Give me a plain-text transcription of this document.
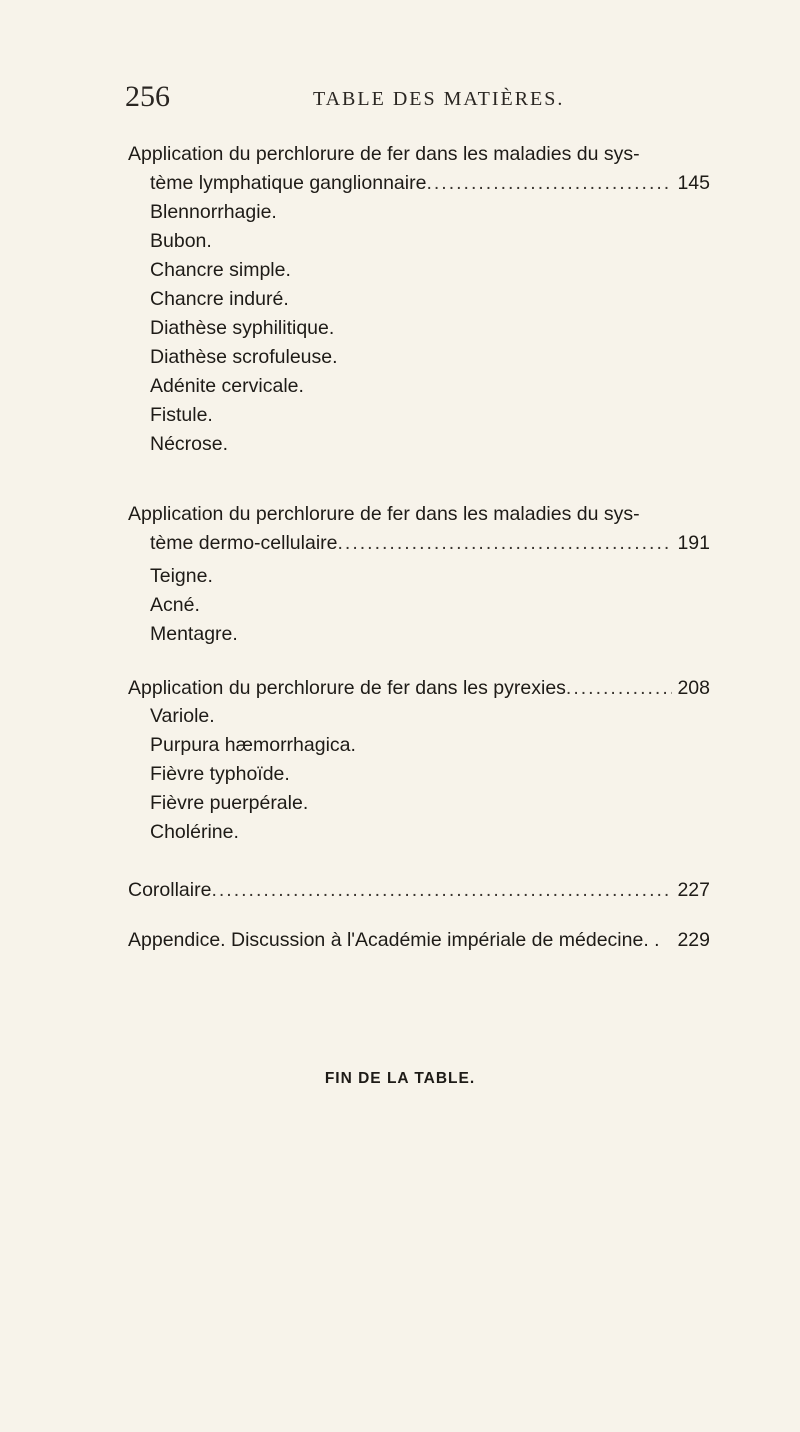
256	TABLE DES MATIÈRES.
Application du perchlorure de fer dans les maladies du sys-
tème lymphatique ganglionnaire .....	145
Blennorrhagie.
Bubon.
Chancre simple.
Chancre induré.
Diathèse syphilitique.
Diathèse scrofuleuse.
Adénite cervicale.
Fistule.
Nécrose.
Application du perchlorure de fer dans les maladies du sys-
tème dermo-cellulaire .....	191
Teigne.
Acné.
Mentagre.
Application du perchlorure de fer dans les pyrexies .....	208
Variole.
Purpura hæmorrhagica.
Fièvre typhoïde.
Fièvre puerpérale.
Cholérine.
Corollaire .....	227
Appendice. Discussion à l'Académie impériale de médecine. . 229
FIN DE LA TABLE.
